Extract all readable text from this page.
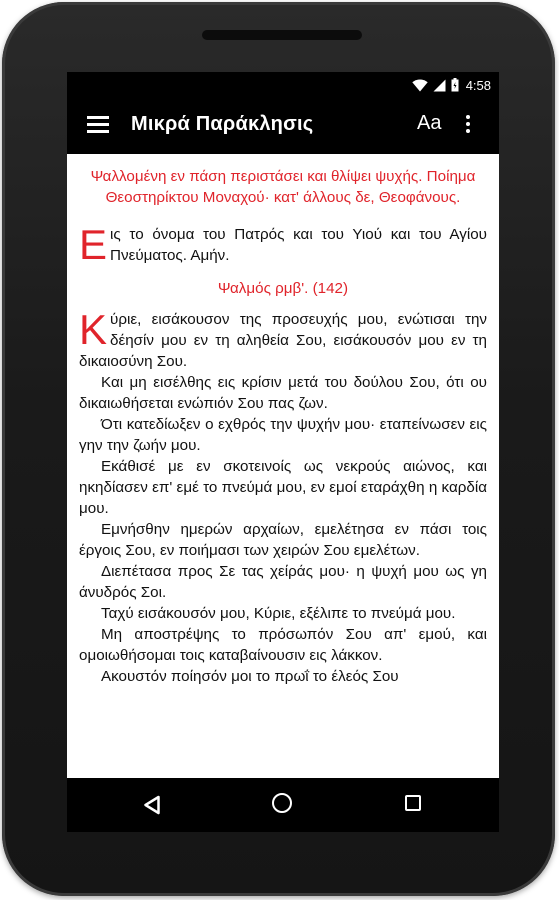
4:58
Μικρά Παράκλησις	Aa

Ψαλλομένη εν πάση περιστάσει και θλίψει ψυχής. Ποίημα Θεοστηρίκτου Μοναχού· κατ' άλλους δε, Θεοφάνους.

Εις το όνομα του Πατρός και του Υιού και του Αγίου Πνεύματος. Αμήν.

Ψαλμός ρμβ'. (142)

Κύριε, εισάκουσον της προσευχής μου, ενώτισαι την δέησίν μου εν τη αληθεία Σου, εισάκουσόν μου εν τη δικαιοσύνη Σου.

Και μη εισέλθης εις κρίσιν μετά του δούλου Σου, ότι ου δικαιωθήσεται ενώπιόν Σου πας ζων.

Ότι κατεδίωξεν ο εχθρός την ψυχήν μου· εταπείνωσεν εις γην την ζωήν μου.

Εκάθισέ με εν σκοτεινοίς ως νεκρούς αιώνος, και ηκηδίασεν επ' εμέ το πνεύμά μου, εν εμοί εταράχθη η καρδία μου.

Εμνήσθην ημερών αρχαίων, εμελέτησα εν πάσι τοις έργοις Σου, εν ποιήμασι των χειρών Σου εμελέτων.

Διεπέτασα προς Σε τας χείράς μου· η ψυχή μου ως γη άνυδρός Σοι.

Ταχύ εισάκουσόν μου, Κύριε, εξέλιπε το πνεύμά μου.

Μη αποστρέψης το πρόσωπόν Σου απ' εμού, και ομοιωθήσομαι τοις καταβαίνουσιν εις λάκκον.

Ακουστόν ποίησόν μοι το πρωΐ το έλεός Σου
